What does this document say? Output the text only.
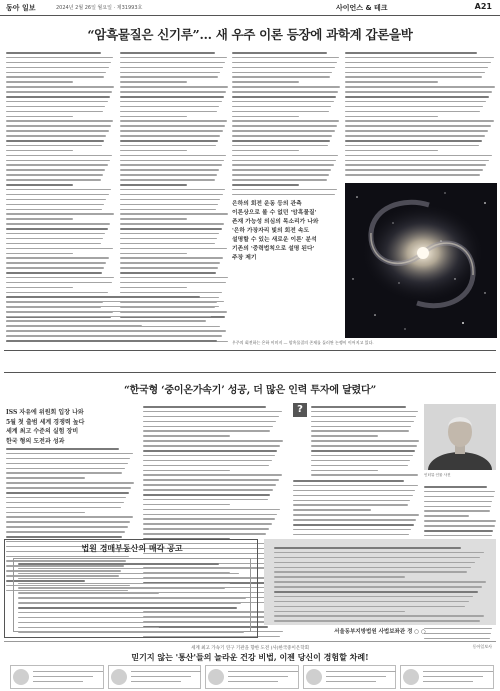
동아 일보	2024년 2월 26일 월요일 · 제31993호	사이언스 & 테크	A21
“암흑물질은 신기루”… 새 우주 이론 등장에 과학계 갑론을박

은하의 회전 운동 등의 관측

이론상으로 볼 수 없던 '암흑물질'

존재 가능성 의심의 목소리가 나와

'은하 가장자리 빛의 회전 속도

설명할 수 있는 새로운 이론' 분석

기존의 '중력법칙으로 설명 된다'

주장 제기

우주의 회전하는 은하 이미지 — 암흑물질의 존재를 둘러싼 논쟁이 이어지고 있다.
“한국형 ‘중이온가속기’ 성공, 더 많은 인력 투자에 달렸다”

ISS 자유에 위원회 입장 나와

5월 첫 출범 세계 경쟁력 높다

세계 최고 수준의 실험 장비

한국 형의 도전과 성과

?
인터뷰 인물 사진
법원 경매부동산의 매각 공고
서울동부지방법원 사법보좌관 정 ○ ○
동아일보사
세계 최고 가속기 연구 기관을 향한 도전 (사)한국중이온학회
믿기지 않는 '통산'들의 놀라운 건강 비법, 이젠 당신이 경험할 차례!
